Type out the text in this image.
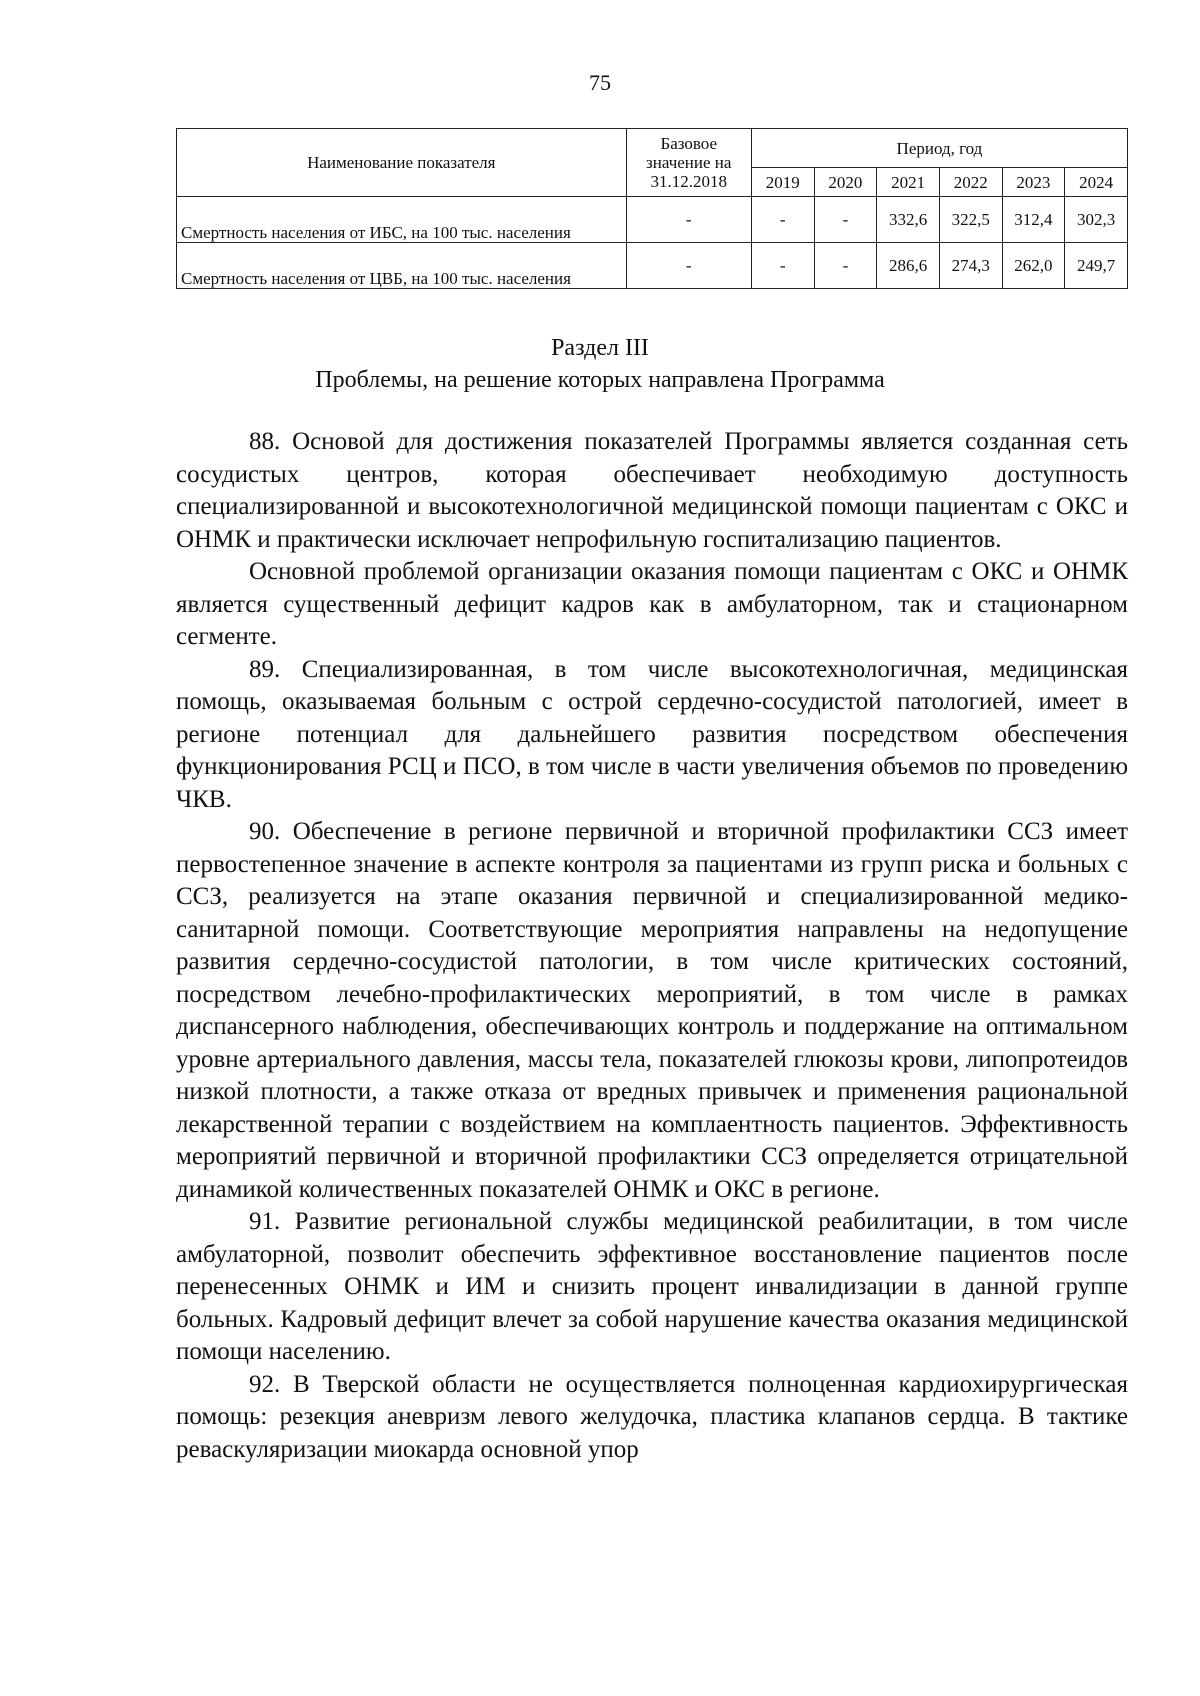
75
Наименование показателя	Базовое значение на 31.12.2018	Период, год					
		2019	2020	2021	2022	2023	2024
Смертность населения от ИБС, на 100 тыс. населения	-	-	-	332,6	322,5	312,4	302,3
Смертность населения от ЦВБ, на 100 тыс. населения	-	-	-	286,6	274,3	262,0	249,7
Раздел III
Проблемы, на решение которых направлена Программа

88. Основой для достижения показателей Программы является созданная сеть сосудистых центров, которая обеспечивает необходимую доступность специализированной и высокотехнологичной медицинской помощи пациентам с ОКС и ОНМК и практически исключает непрофильную госпитализацию пациентов.

Основной проблемой организации оказания помощи пациентам с ОКС и ОНМК является существенный дефицит кадров как в амбулаторном, так и стационарном сегменте.

89. Специализированная, в том числе высокотехнологичная, медицинская помощь, оказываемая больным с острой сердечно-сосудистой патологией, имеет в регионе потенциал для дальнейшего развития посредством обеспечения функционирования РСЦ и ПСО, в том числе в части увеличения объемов по проведению ЧКВ.

90. Обеспечение в регионе первичной и вторичной профилактики ССЗ имеет первостепенное значение в аспекте контроля за пациентами из групп риска и больных с ССЗ, реализуется на этапе оказания первичной и специализированной медико-санитарной помощи. Соответствующие мероприятия направлены на недопущение развития сердечно-сосудистой патологии, в том числе критических состояний, посредством лечебно-профилактических мероприятий, в том числе в рамках диспансерного наблюдения, обеспечивающих контроль и поддержание на оптимальном уровне артериального давления, массы тела, показателей глюкозы крови, липопротеидов низкой плотности, а также отказа от вредных привычек и применения рациональной лекарственной терапии с воздействием на комплаентность пациентов. Эффективность мероприятий первичной и вторичной профилактики ССЗ определяется отрицательной динамикой количественных показателей ОНМК и ОКС в регионе.

91. Развитие региональной службы медицинской реабилитации, в том числе амбулаторной, позволит обеспечить эффективное восстановление пациентов после перенесенных ОНМК и ИМ и снизить процент инвалидизации в данной группе больных. Кадровый дефицит влечет за собой нарушение качества оказания медицинской помощи населению.

92. В Тверской области не осуществляется полноценная кардиохирургическая помощь: резекция аневризм левого желудочка, пластика клапанов сердца. В тактике реваскуляризации миокарда основной упор
